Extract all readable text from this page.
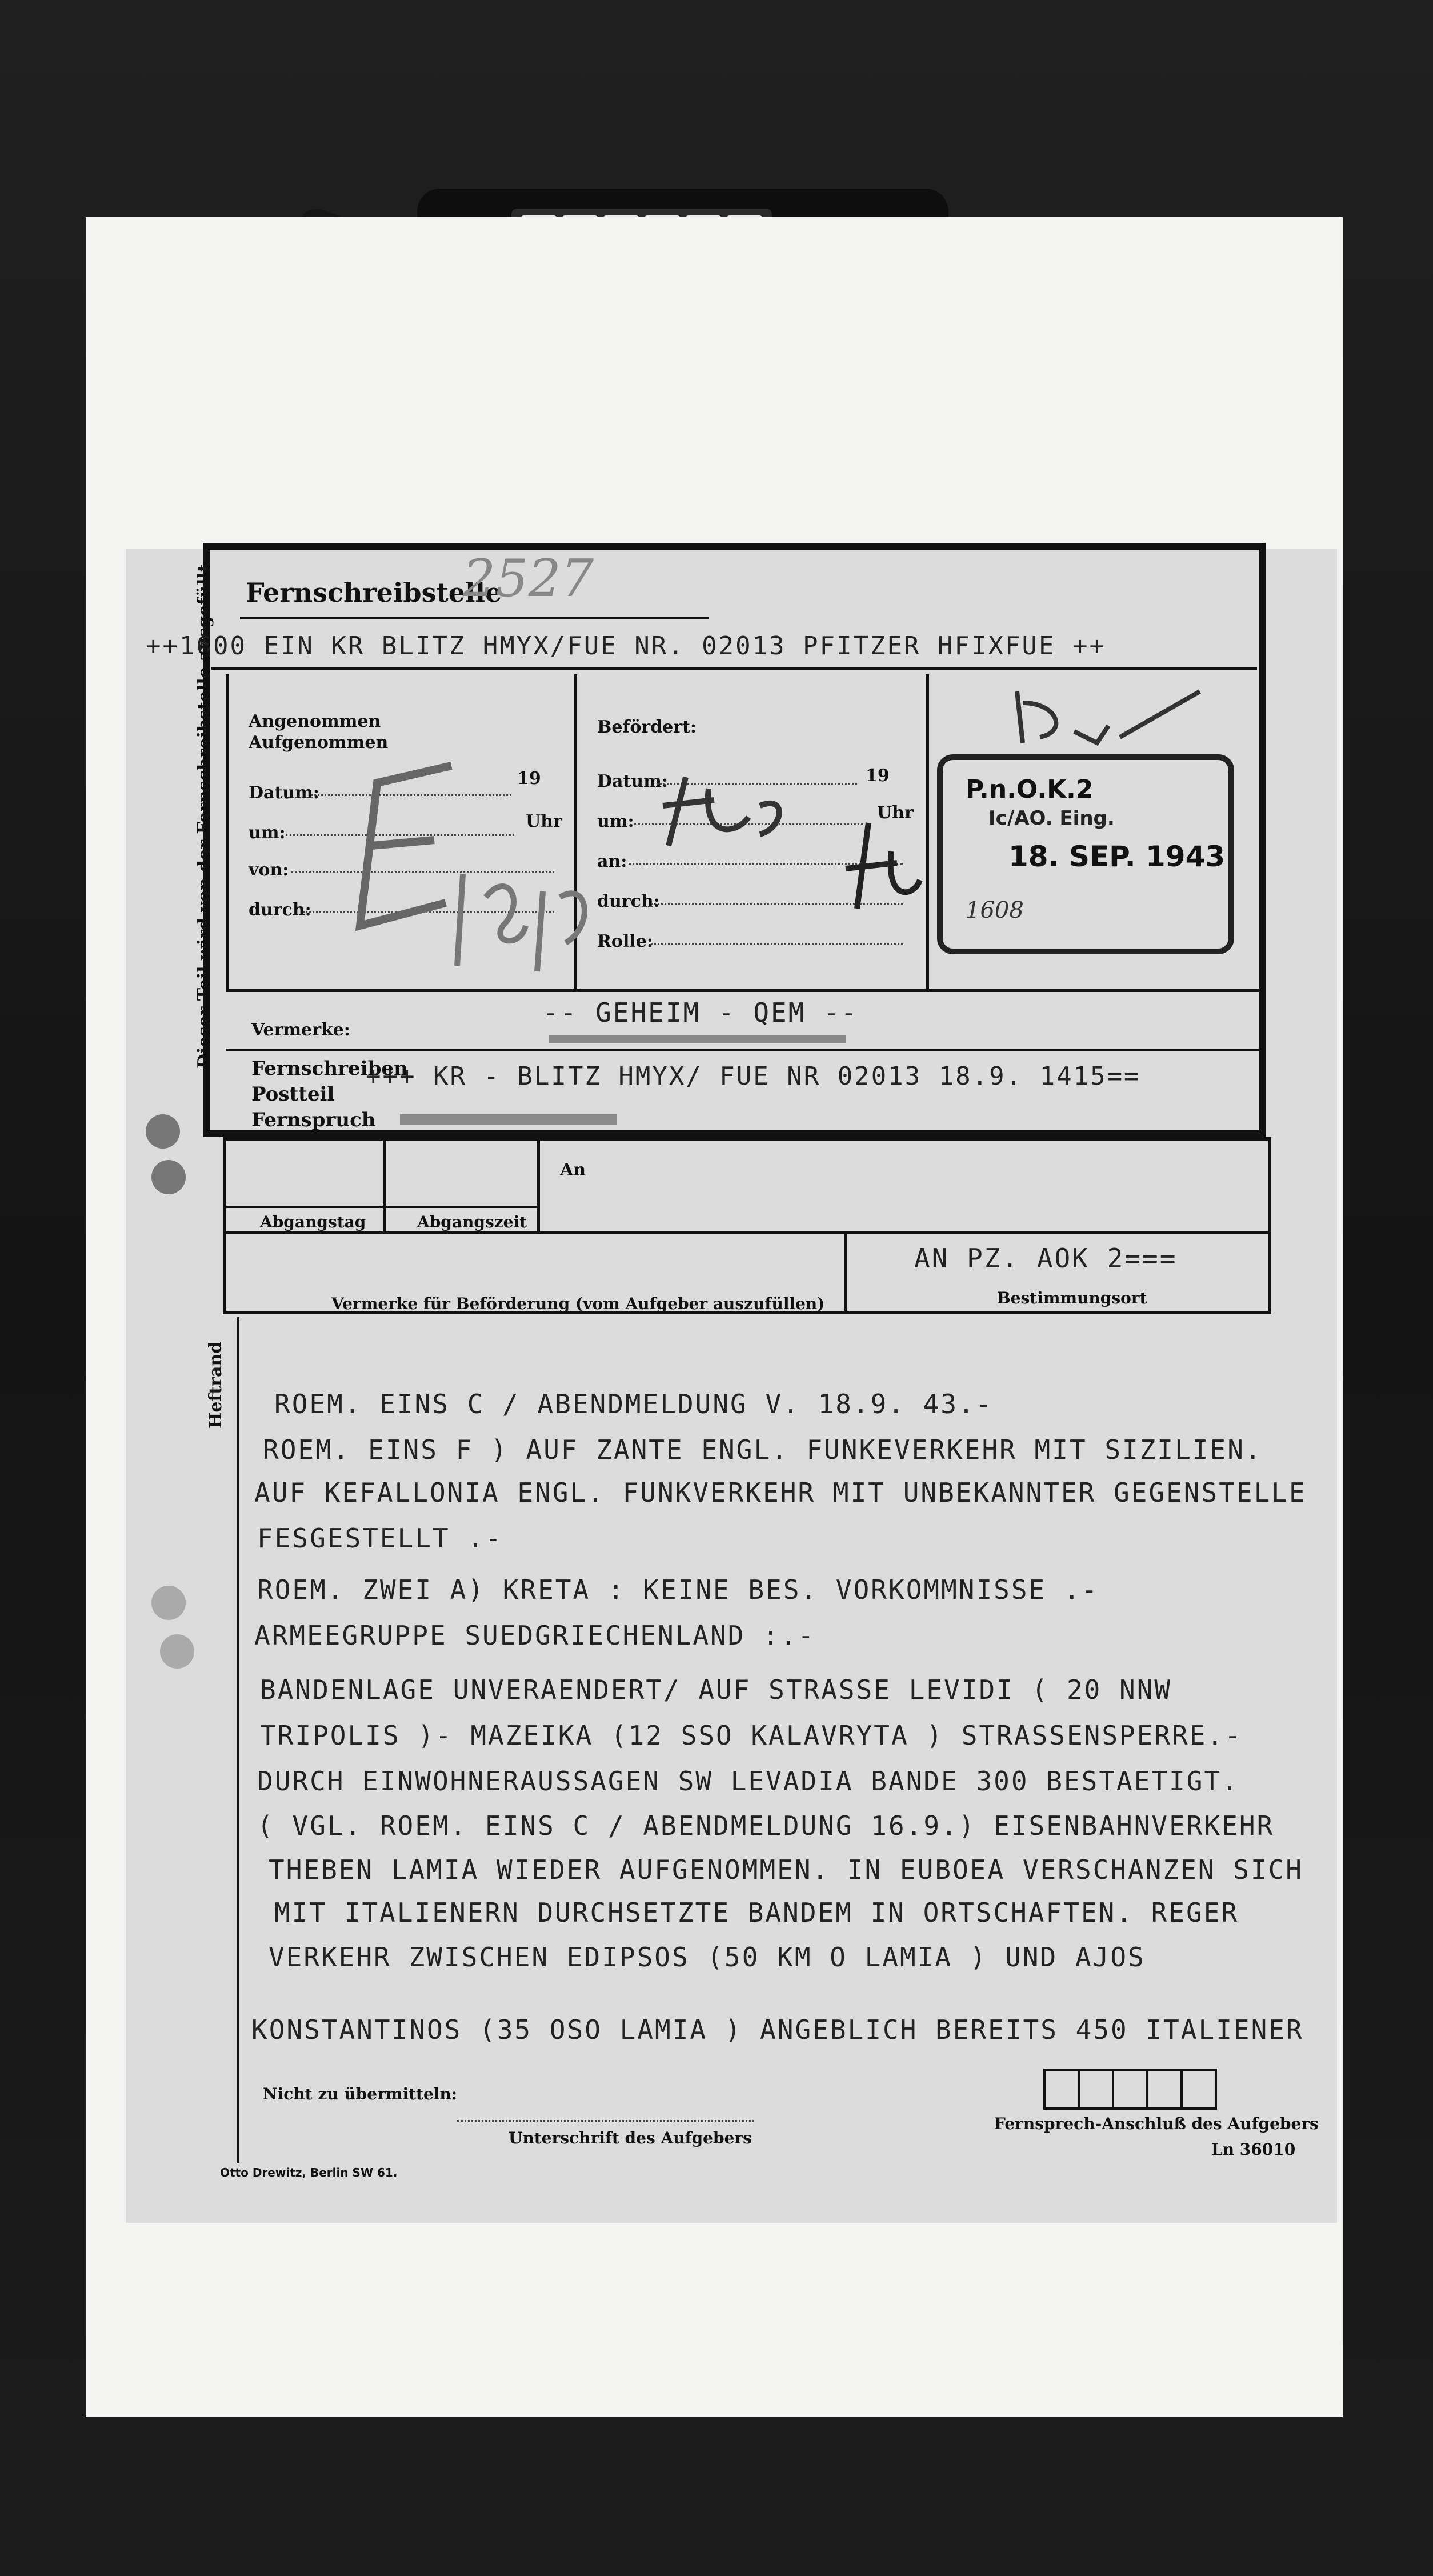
Fernschreibstelle
2527
++1600 EIN KR BLITZ HMYX/FUE NR. 02013 PFITZER HFIXFUE ++
Dieser Teil wird von der Fernschreibstelle ausgefüllt Angenommen
Aufgenommen
Datum:
19
um:
Uhr
von:
durch:
Befördert:
Datum:	19
um:	Uhr
an:
durch:
Rolle:
P.n.O.K.2
Ic/AO. Eing.
18. SEP. 1943
1608
Vermerke:
-- GEHEIM - QEM --
Fernschreiben
Postteil
Fernspruch
+++ KR - BLITZ HMYX/ FUE NR 02013 18.9. 1415==
An
Abgangstag	Abgangszeit
Vermerke für Beförderung (vom Aufgeber auszufüllen)
AN PZ. AOK 2===
Bestimmungsort
Heftrand ROEM. EINS C / ABENDMELDUNG V. 18.9. 43.-
ROEM. EINS F ) AUF ZANTE ENGL. FUNKEVERKEHR MIT SIZILIEN.
AUF KEFALLONIA ENGL. FUNKVERKEHR MIT UNBEKANNTER GEGENSTELLE
FESGESTELLT .-
ROEM. ZWEI A) KRETA : KEINE BES. VORKOMMNISSE .-
ARMEEGRUPPE SUEDGRIECHENLAND :.-
BANDENLAGE UNVERAENDERT/ AUF STRASSE LEVIDI ( 20 NNW
TRIPOLIS )- MAZEIKA (12 SSO KALAVRYTA ) STRASSENSPERRE.-
DURCH EINWOHNERAUSSAGEN SW LEVADIA BANDE 300 BESTAETIGT.
( VGL. ROEM. EINS C / ABENDMELDUNG 16.9.) EISENBAHNVERKEHR
THEBEN LAMIA WIEDER AUFGENOMMEN. IN EUBOEA VERSCHANZEN SICH
MIT ITALIENERN DURCHSETZTE BANDEM IN ORTSCHAFTEN. REGER
VERKEHR ZWISCHEN EDIPSOS (50 KM O LAMIA ) UND AJOS
KONSTANTINOS (35 OSO LAMIA ) ANGEBLICH BEREITS 450 ITALIENER
Nicht zu übermitteln:
Unterschrift des Aufgebers
Fernsprech-Anschluß des Aufgebers
Ln 36010
Otto Drewitz, Berlin SW 61.
